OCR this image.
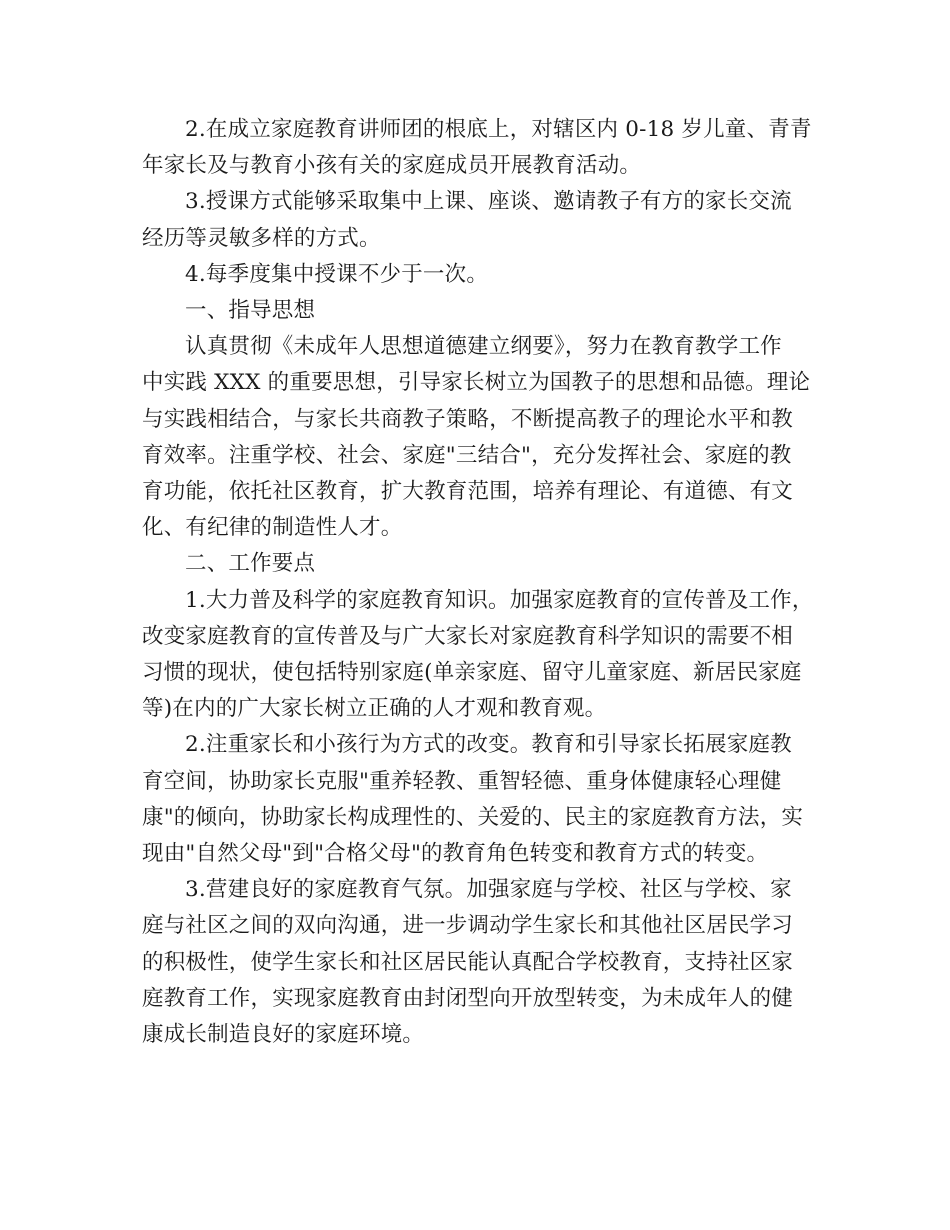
2.在成立家庭教育讲师团的根底上，对辖区内 0-18 岁儿童、青青
年家长及与教育小孩有关的家庭成员开展教育活动。
3.授课方式能够采取集中上课、座谈、邀请教子有方的家长交流
经历等灵敏多样的方式。
4.每季度集中授课不少于一次。
一、指导思想
认真贯彻《未成年人思想道德建立纲要》，努力在教育教学工作
中实践 XXX 的重要思想，引导家长树立为国教子的思想和品德。理论
与实践相结合，与家长共商教子策略，不断提高教子的理论水平和教
育效率。注重学校、社会、家庭"三结合"，充分发挥社会、家庭的教
育功能，依托社区教育，扩大教育范围，培养有理论、有道德、有文
化、有纪律的制造性人才。
二、工作要点
1.大力普及科学的家庭教育知识。加强家庭教育的宣传普及工作，
改变家庭教育的宣传普及与广大家长对家庭教育科学知识的需要不相
习惯的现状，使包括特别家庭(单亲家庭、留守儿童家庭、新居民家庭
等)在内的广大家长树立正确的人才观和教育观。
2.注重家长和小孩行为方式的改变。教育和引导家长拓展家庭教
育空间，协助家长克服"重养轻教、重智轻德、重身体健康轻心理健
康"的倾向，协助家长构成理性的、关爱的、民主的家庭教育方法，实
现由"自然父母"到"合格父母"的教育角色转变和教育方式的转变。
3.营建良好的家庭教育气氛。加强家庭与学校、社区与学校、家
庭与社区之间的双向沟通，进一步调动学生家长和其他社区居民学习
的积极性，使学生家长和社区居民能认真配合学校教育，支持社区家
庭教育工作，实现家庭教育由封闭型向开放型转变，为未成年人的健
康成长制造良好的家庭环境。
